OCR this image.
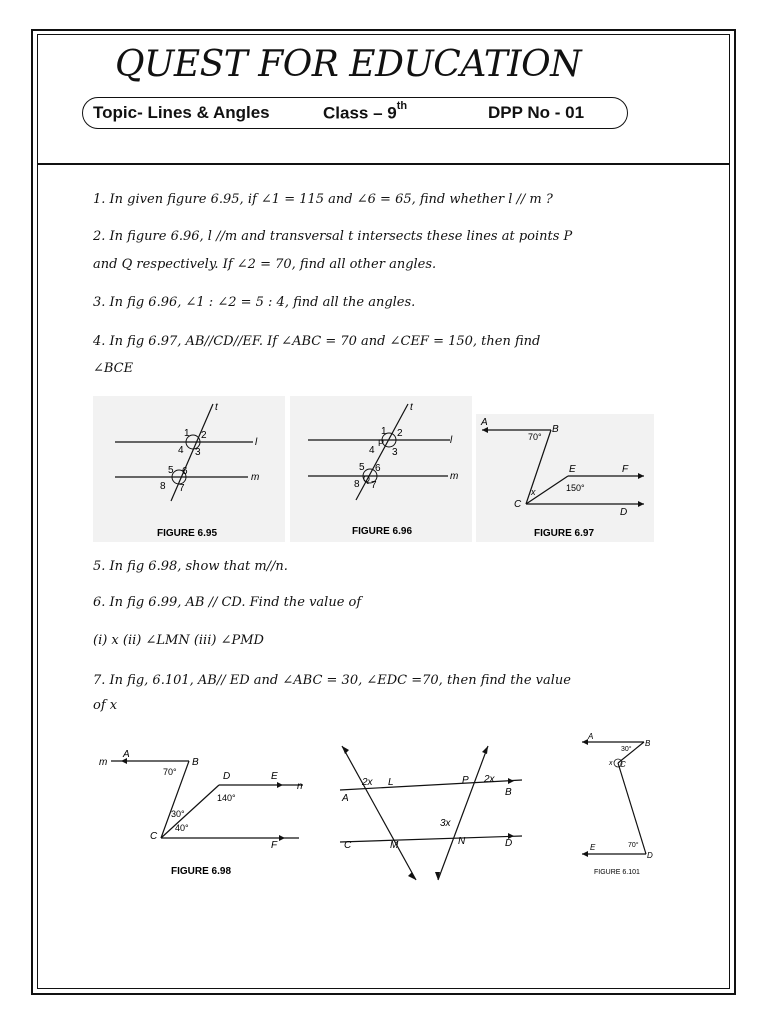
QUEST FOR EDUCATION
Topic- Lines & Angles	Class – 9th	DPP No - 01
1. In given figure 6.95, if ∠1 = 115 and ∠6 = 65, find whether l // m ?
2. In figure 6.96, l //m and transversal t intersects these lines at points P
and Q respectively. If ∠2 = 70, find all other angles.
3. In fig 6.96, ∠1 : ∠2 = 5 : 4, find all the angles.
4. In fig 6.97, AB//CD//EF. If ∠ABC = 70 and ∠CEF = 150, then find
∠BCE
t
l
m
1 2
3
4
5 6
7
8
FIGURE 6.95
t
l
m
1 2
3
4
P
5 6
7
8 Q
FIGURE 6.96
A
B
70°
C
D
E	F
150°
x
FIGURE 6.97
5. In fig 6.98, show that m//n.
6. In fig 6.99, AB // CD. Find the value of
(i) x (ii) ∠LMN (iii) ∠PMD
7. In fig, 6.101, AB// ED and ∠ABC = 30, ∠EDC =70, then find the value
of x
m
A
B
70°	D	E
n
140°
30°
40°
C
F
FIGURE 6.98
2x L
A
P 2x
B
3x
C	M	N	D
A
B
30°
x C
70°
E
D
FIGURE 6.101
